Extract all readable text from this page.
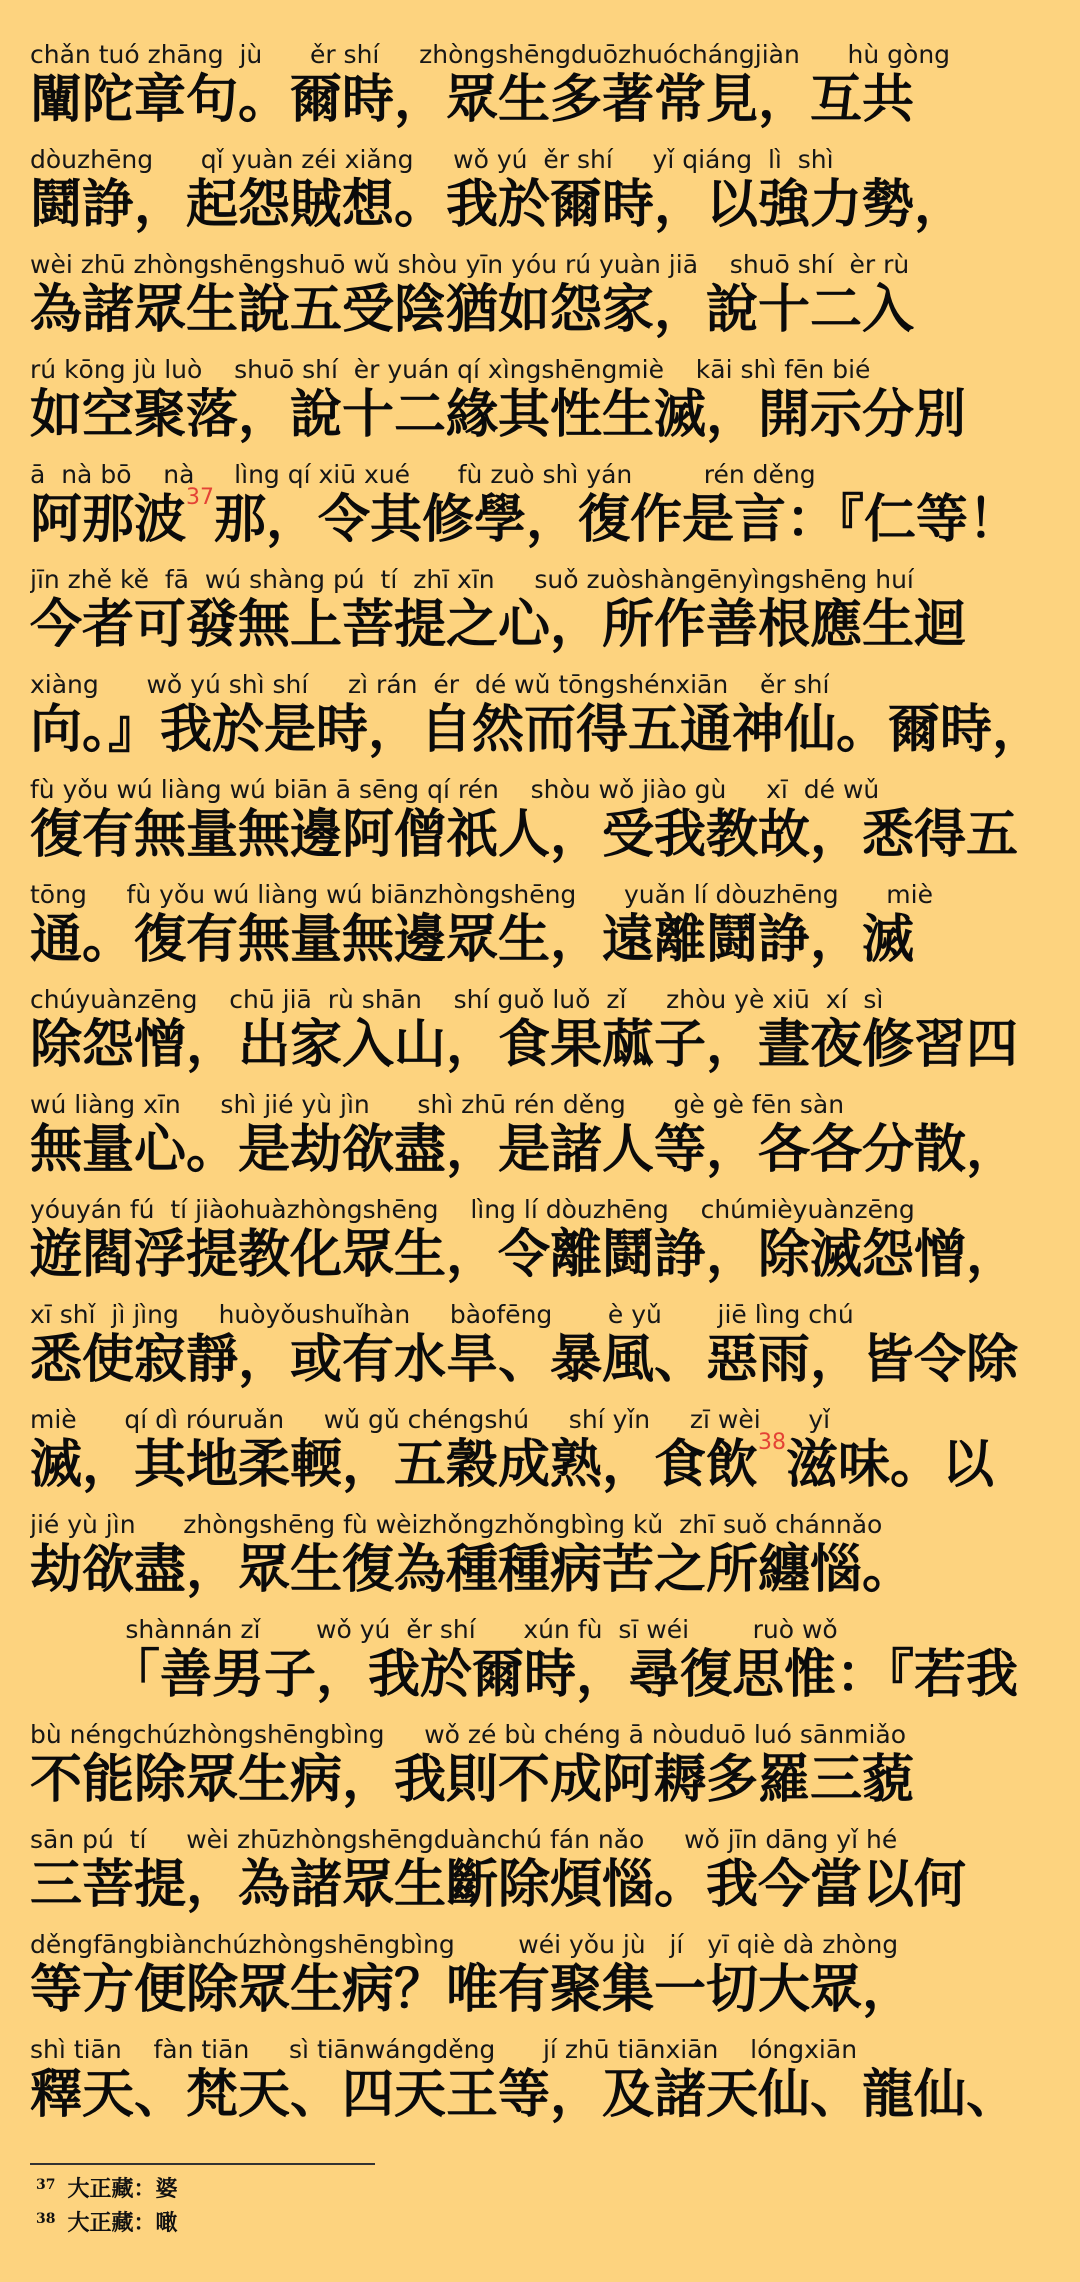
chǎn tuó zhāng  jù      ěr shí     zhòngshēngduōzhuóchángjiàn      hù gòng
闡陀章句。爾時，眾生多著常見，互共
dòuzhēng      qǐ yuàn zéi xiǎng     wǒ yú  ěr shí     yǐ qiáng  lì  shì
鬪諍，起怨賊想。我於爾時，以強力勢，
wèi zhū zhòngshēngshuō wǔ shòu yīn yóu rú yuàn jiā    shuō shí  èr rù
為諸眾生說五受陰猶如怨家，說十二入
rú kōng jù luò    shuō shí  èr yuán qí xìngshēngmiè    kāi shì fēn bié
如空聚落，說十二緣其性生滅，開示分別
ā  nà bō    nà     lìng qí xiū xué      fù zuò shì yán         rén děng
阿那波$^{37}$那，令其修學，復作是言：『仁等！
jīn zhě kě  fā  wú shàng pú  tí  zhī xīn     suǒ zuòshàngēnyìngshēng huí
今者可發無上菩提之心，所作善根應生迴
xiàng      wǒ yú shì shí     zì rán  ér  dé wǔ tōngshénxiān    ěr shí
向。』我於是時，自然而得五通神仙。爾時，
fù yǒu wú liàng wú biān ā sēng qí rén    shòu wǒ jiào gù     xī  dé wǔ
復有無量無邊阿僧祇人，受我教故，悉得五
tōng     fù yǒu wú liàng wú biānzhòngshēng      yuǎn lí dòuzhēng      miè
通。復有無量無邊眾生，遠離鬪諍，滅
chúyuànzēng    chū jiā  rù shān    shí guǒ luǒ  zǐ     zhòu yè xiū  xí  sì
除怨憎，出家入山，食果蓏子，晝夜修習四
wú liàng xīn     shì jié yù jìn      shì zhū rén děng      gè gè fēn sàn
無量心。是劫欲盡，是諸人等，各各分散，
yóuyán fú  tí jiàohuàzhòngshēng    lìng lí dòuzhēng    chúmièyuànzēng
遊閻浮提教化眾生，令離鬪諍，除滅怨憎，
xī shǐ  jì jìng     huòyǒushuǐhàn     bàofēng       è yǔ       jiē lìng chú
悉使寂靜，或有水旱、暴風、惡雨，皆令除
miè      qí dì róuruǎn     wǔ gǔ chéngshú     shí yǐn     zī wèi      yǐ
滅，其地柔輭，五穀成熟，食飲$^{38}$滋味。以
jié yù jìn      zhòngshēng fù wèizhǒngzhǒngbìng kǔ  zhī suǒ chánnǎo
劫欲盡，眾生復為種種病苦之所纏惱。
shànnán zǐ       wǒ yú  ěr shí      xún fù  sī wéi        ruò wǒ
　　「善男子，我於爾時，尋復思惟：『若我
bù néngchúzhòngshēngbìng     wǒ zé bù chéng ā nòuduō luó sānmiǎo
不能除眾生病，我則不成阿耨多羅三藐
sān pú  tí     wèi zhūzhòngshēngduànchú fán nǎo     wǒ jīn dāng yǐ hé
三菩提，為諸眾生斷除煩惱。我今當以何
děngfāngbiànchúzhòngshēngbìng        wéi yǒu jù   jí   yī qiè dà zhòng
等方便除眾生病？唯有聚集一切大眾，
shì tiān    fàn tiān     sì tiānwángděng      jí zhū tiānxiān    lóngxiān
釋天、梵天、四天王等，及諸天仙、龍仙、
$^{37}$ 大正藏：婆
$^{38}$ 大正藏：噉
